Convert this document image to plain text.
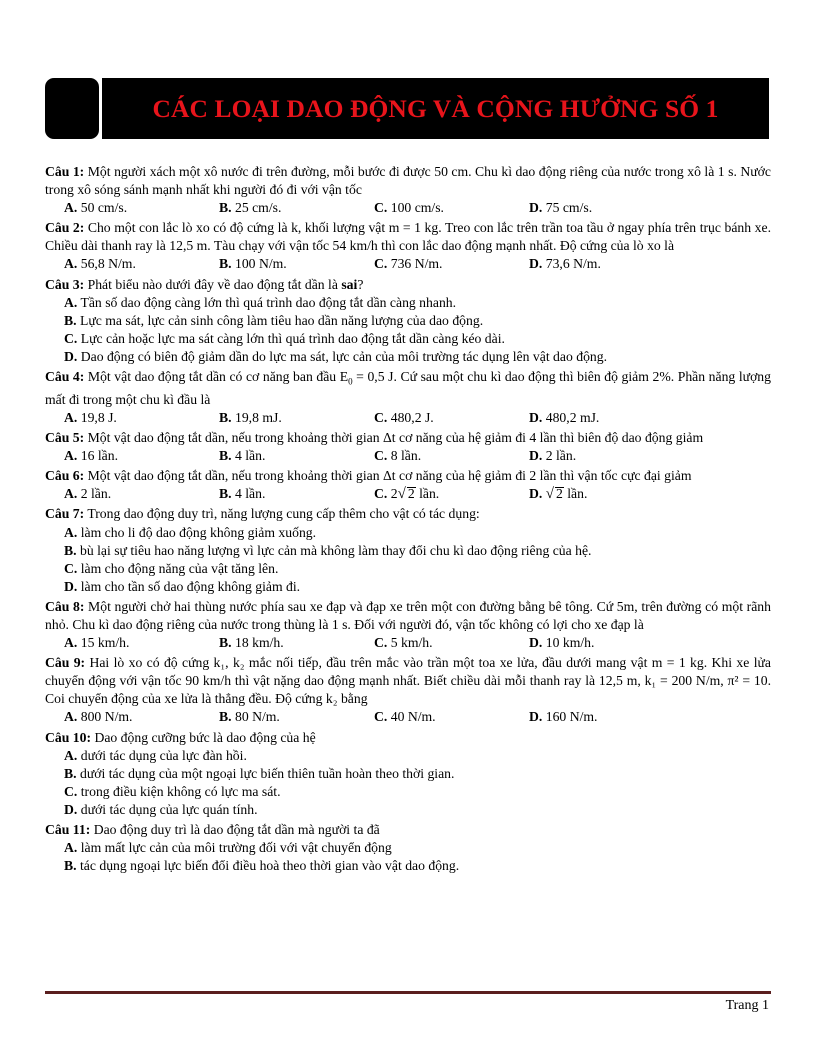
CÁC LOẠI DAO ĐỘNG VÀ CỘNG HƯỞNG SỐ 1
Câu 1: Một người xách một xô nước đi trên đường, mỗi bước đi được 50 cm. Chu kì dao động riêng của nước trong xô là 1 s. Nước trong xô sóng sánh mạnh nhất khi người đó đi với vận tốc
A. 50 cm/s.	B. 25 cm/s.	C. 100 cm/s.	D. 75 cm/s.
Câu 2: Cho một con lắc lò xo có độ cứng là k, khối lượng vật m = 1 kg. Treo con lắc trên trần toa tầu ở ngay phía trên trục bánh xe. Chiều dài thanh ray là 12,5 m. Tàu chạy với vận tốc 54 km/h thì con lắc dao động mạnh nhất. Độ cứng của lò xo là
A. 56,8 N/m.	B. 100 N/m.	C. 736 N/m.	D. 73,6 N/m.
Câu 3: Phát biểu nào dưới đây về dao động tắt dần là sai?
A. Tần số dao động càng lớn thì quá trình dao động tắt dần càng nhanh.
B. Lực ma sát, lực cản sinh công làm tiêu hao dần năng lượng của dao động.
C. Lực cản hoặc lực ma sát càng lớn thì quá trình dao động tắt dần càng kéo dài.
D. Dao động có biên độ giảm dần do lực ma sát, lực cản của môi trường tác dụng lên vật dao động.
Câu 4: Một vật dao động tắt dần có cơ năng ban đầu $E_0 = 0,5$ J. Cứ sau một chu kì dao động thì biên độ giảm 2%. Phần năng lượng mất đi trong một chu kì đầu là
A. 19,8 J.	B. 19,8 mJ.	C. 480,2 J.	D. 480,2 mJ.
Câu 5: Một vật dao động tắt dần, nếu trong khoảng thời gian Δt cơ năng của hệ giảm đi 4 lần thì biên độ dao động giảm
A. 16 lần.	B. 4 lần.	C. 8 lần.	D. 2 lần.
Câu 6: Một vật dao động tắt dần, nếu trong khoảng thời gian Δt cơ năng của hệ giảm đi 2 lần thì vận tốc cực đại giảm
A. 2 lần.	B. 4 lần.	C. 2√ 2 lần.	D. √ 2 lần.
Câu 7: Trong dao động duy trì, năng lượng cung cấp thêm cho vật có tác dụng:
A. làm cho li độ dao động không giảm xuống.
B. bù lại sự tiêu hao năng lượng vì lực cản mà không làm thay đổi chu kì dao động riêng của hệ.
C. làm cho động năng của vật tăng lên.
D. làm cho tần số dao động không giảm đi.
Câu 8: Một người chở hai thùng nước phía sau xe đạp và đạp xe trên một con đường bằng bê tông. Cứ 5m, trên đường có một rãnh nhỏ. Chu kì dao động riêng của nước trong thùng là 1 s. Đối với người đó, vận tốc không có lợi cho xe đạp là
A. 15 km/h.	B. 18 km/h.	C. 5 km/h.	D. 10 km/h.
Câu 9: Hai lò xo có độ cứng k₁, k₂ mắc nối tiếp, đầu trên mắc vào trần một toa xe lửa, đầu dưới mang vật m = 1 kg. Khi xe lửa chuyển động với vận tốc 90 km/h thì vật nặng dao động mạnh nhất. Biết chiều dài mỗi thanh ray là 12,5 m, k₁ = 200 N/m, π² = 10. Coi chuyển động của xe lửa là thẳng đều. Độ cứng k₂ bằng
A. 800 N/m.	B. 80 N/m.	C. 40 N/m.	D. 160 N/m.
Câu 10: Dao động cưỡng bức là dao động của hệ
A. dưới tác dụng của lực đàn hồi.
B. dưới tác dụng của một ngoại lực biến thiên tuần hoàn theo thời gian.
C. trong điều kiện không có lực ma sát.
D. dưới tác dụng của lực quán tính.
Câu 11: Dao động duy trì là dao động tắt dần mà người ta đã
A. làm mất lực cản của môi trường đối với vật chuyển động
B. tác dụng ngoại lực biến đổi điều hoà theo thời gian vào vật dao động.
Trang 1
